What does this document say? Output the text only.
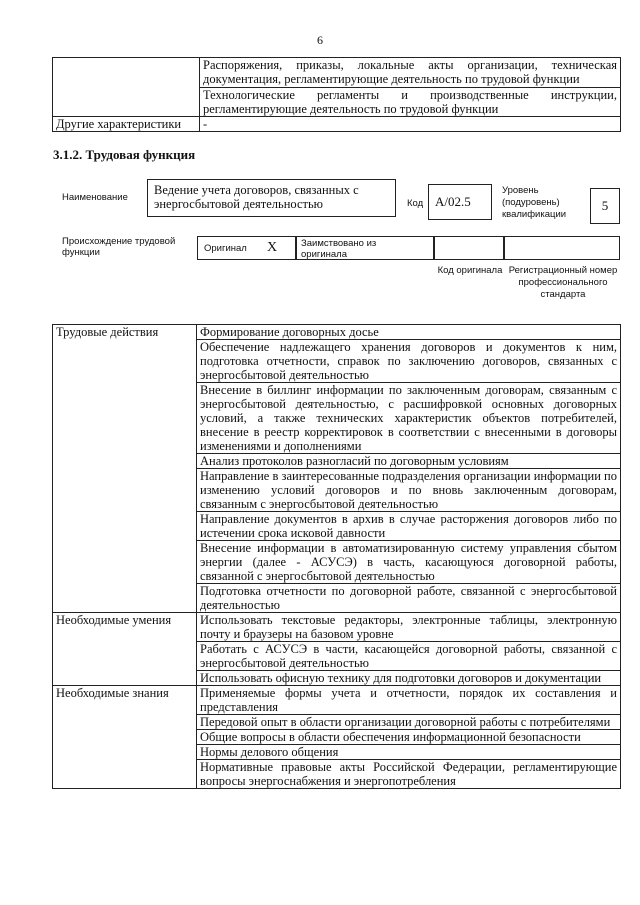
6
	Распоряжения, приказы, локальные акты организации, техническая документация, регламентирующие деятельность по трудовой функции
	Технологические регламенты и производственные инструкции, регламентирующие деятельность по трудовой функции
Другие характеристики	-
3.1.2. Трудовая функция
Наименование
Ведение учета договоров, связанных с энергосбытовой деятельностью	Код A/02.5
Уровень (подуровень) квалификации
5
Происхождение трудовой функции	Оригинал X	Заимствовано из оригинала
Код оригинала Регистрационный номер профессионального стандарта
Трудовые действия	Формирование договорных досье
	Обеспечение надлежащего хранения договоров и документов к ним, подготовка отчетности, справок по заключению договоров, связанных с энергосбытовой деятельностью
	Внесение в биллинг информации по заключенным договорам, связанным с энергосбытовой деятельностью, с расшифровкой основных договорных условий, а также технических характеристик объектов потребителей, внесение в реестр корректировок в соответствии с внесенными в договоры изменениями и дополнениями
	Анализ протоколов разногласий по договорным условиям
	Направление в заинтересованные подразделения организации информации по изменению условий договоров и по вновь заключенным договорам, связанным с энергосбытовой деятельностью
	Направление документов в архив в случае расторжения договоров либо по истечении срока исковой давности
	Внесение информации в автоматизированную систему управления сбытом энергии (далее - АСУСЭ) в часть, касающуюся договорной работы, связанной с энергосбытовой деятельностью
	Подготовка отчетности по договорной работе, связанной с энергосбытовой деятельностью
Необходимые умения	Использовать текстовые редакторы, электронные таблицы, электронную почту и браузеры на базовом уровне
	Работать с АСУСЭ в части, касающейся договорной работы, связанной с энергосбытовой деятельностью
	Использовать офисную технику для подготовки договоров и документации
Необходимые знания	Применяемые формы учета и отчетности, порядок их составления и представления
	Передовой опыт в области организации договорной работы с потребителями
	Общие вопросы в области обеспечения информационной безопасности
	Нормы делового общения
	Нормативные правовые акты Российской Федерации, регламентирующие вопросы энергоснабжения и энергопотребления
